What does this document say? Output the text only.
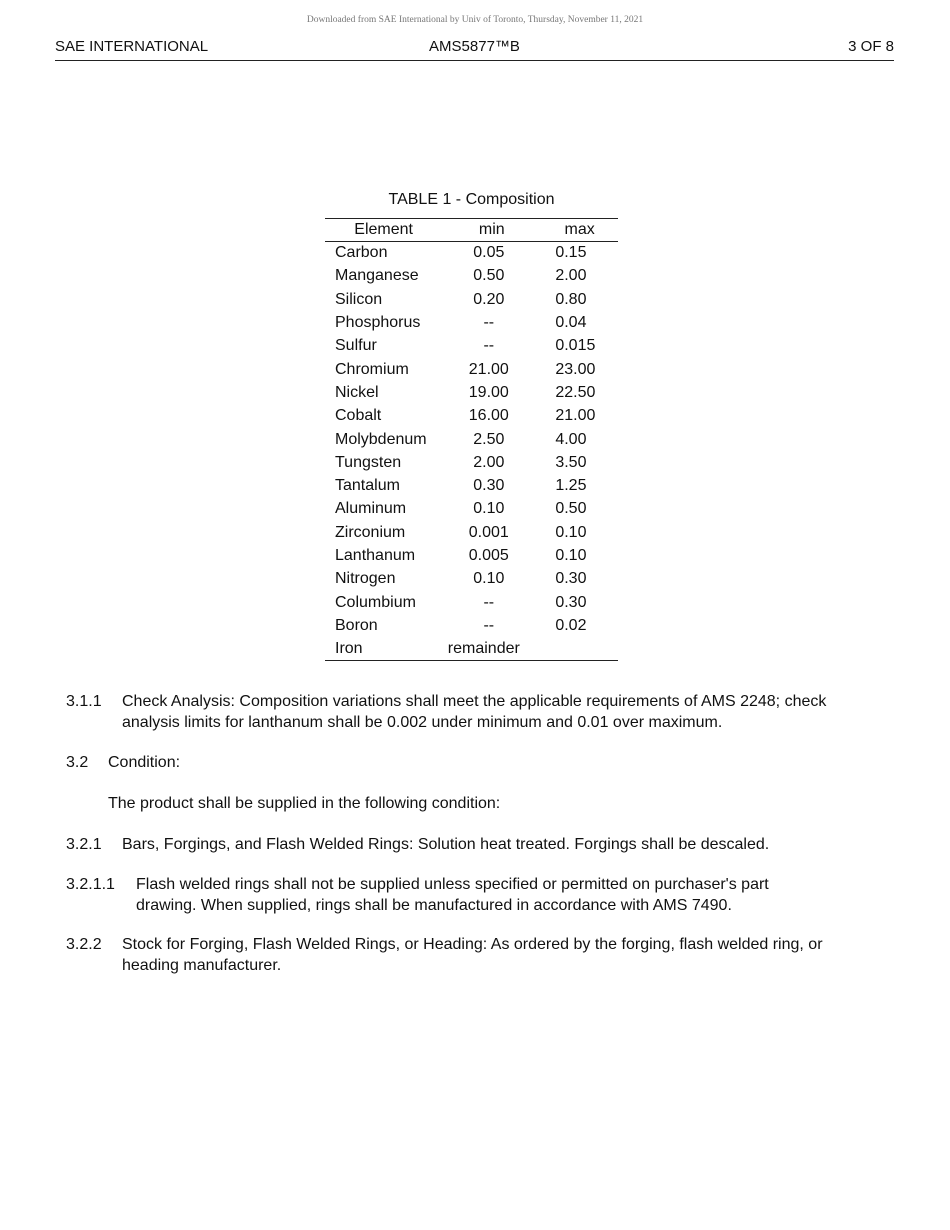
Downloaded from SAE International by Univ of Toronto, Thursday, November 11, 2021
SAE INTERNATIONAL	AMS5877™B	3 OF 8
TABLE 1 - Composition
Element	min	max
Carbon	0.05	0.15
Manganese	0.50	2.00
Silicon	0.20	0.80
Phosphorus	--	0.04
Sulfur	--	0.015
Chromium	21.00	23.00
Nickel	19.00	22.50
Cobalt	16.00	21.00
Molybdenum	2.50	4.00
Tungsten	2.00	3.50
Tantalum	0.30	1.25
Aluminum	0.10	0.50
Zirconium	0.001	0.10
Lanthanum	0.005	0.10
Nitrogen	0.10	0.30
Columbium	--	0.30
Boron	--	0.02
Iron	remainder	
3.1.1	Check Analysis: Composition variations shall meet the applicable requirements of AMS 2248; check analysis limits for lanthanum shall be 0.002 under minimum and 0.01 over maximum.
3.2	Condition:
The product shall be supplied in the following condition:
3.2.1	Bars, Forgings, and Flash Welded Rings: Solution heat treated. Forgings shall be descaled.
3.2.1.1	Flash welded rings shall not be supplied unless specified or permitted on purchaser's part drawing. When supplied, rings shall be manufactured in accordance with AMS 7490.
3.2.2	Stock for Forging, Flash Welded Rings, or Heading: As ordered by the forging, flash welded ring, or heading manufacturer.
